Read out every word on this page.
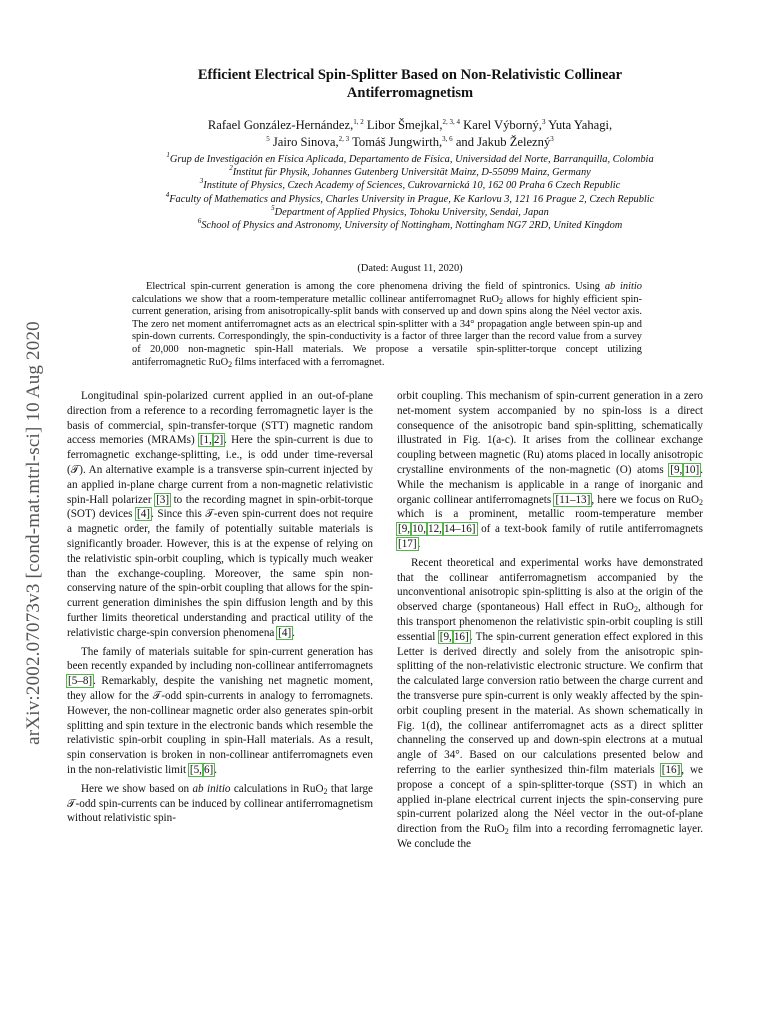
arXiv:2002.07073v3 [cond-mat.mtrl-sci] 10 Aug 2020
Efficient Electrical Spin-Splitter Based on Non-Relativistic Collinear
Antiferromagnetism
Rafael González-Hernández,$^{1, 2}$ Libor Šmejkal,$^{2, 3, 4}$ Karel Výborný,$^3$ Yuta Yahagi,
$^5$ Jairo Sinova,$^{2, 3}$ Tomáš Jungwirth,$^{3, 6}$ and Jakub Železný$^3$
$^1$Grup de Investigación en Física Aplicada, Departamento de Física, Universidad del Norte, Barranquilla, Colombia
$^2$Institut für Physik, Johannes Gutenberg Universität Mainz, D-55099 Mainz, Germany
$^3$Institute of Physics, Czech Academy of Sciences, Cukrovarnická 10, 162 00 Praha 6 Czech Republic
$^4$Faculty of Mathematics and Physics, Charles University in Prague, Ke Karlovu 3, 121 16 Prague 2, Czech Republic
$^5$Department of Applied Physics, Tohoku University, Sendai, Japan
$^6$School of Physics and Astronomy, University of Nottingham, Nottingham NG7 2RD, United Kingdom
(Dated: August 11, 2020)
Electrical spin-current generation is among the core phenomena driving the field of spintronics. Using ab initio calculations we show that a room-temperature metallic collinear antiferromagnet RuO$_2$ allows for highly efficient spin-current generation, arising from anisotropically-split bands with conserved up and down spins along the Néel vector axis. The zero net moment antiferromagnet acts as an electrical spin-splitter with a 34° propagation angle between spin-up and spin-down currents. Correspondingly, the spin-conductivity is a factor of three larger than the record value from a survey of 20,000 non-magnetic spin-Hall materials. We propose a versatile spin-splitter-torque concept utilizing antiferromagnetic RuO$_2$ films interfaced with a ferromagnet.

Longitudinal spin-polarized current applied in an out-of-plane direction from a reference to a recording ferromagnetic layer is the basis of commercial, spin-transfer-torque (STT) magnetic random access memories (MRAMs) [1, 2]. Here the spin-current is due to ferromagnetic exchange-splitting, i.e., is odd under time-reversal (𝒯). An alternative example is a transverse spin-current injected by an applied in-plane charge current from a non-magnetic relativistic spin-Hall polarizer [3] to the recording magnet in spin-orbit-torque (SOT) devices [4]. Since this 𝒯-even spin-current does not require a magnetic order, the family of potentially suitable materials is significantly broader. However, this is at the expense of relying on the relativistic spin-orbit coupling, which is typically much weaker than the exchange-coupling. Moreover, the same spin non-conserving nature of the spin-orbit coupling that allows for the spin-current generation diminishes the spin diffusion length and by this further limits theoretical understanding and practical utility of the relativistic charge-spin conversion phenomena [4].

The family of materials suitable for spin-current generation has been recently expanded by including non-collinear antiferromagnets [5–8]. Remarkably, despite the vanishing net magnetic moment, they allow for the 𝒯-odd spin-currents in analogy to ferromagnets. However, the non-collinear magnetic order also generates spin-orbit splitting and spin texture in the electronic bands which resemble the relativistic spin-orbit coupling in spin-Hall materials. As a result, spin conservation is broken in non-collinear antiferromagnets even in the non-relativistic limit [5, 6].

Here we show based on ab initio calculations in RuO$_2$ that large 𝒯-odd spin-currents can be induced by collinear antiferromagnetism without relativistic spin-

orbit coupling. This mechanism of spin-current generation in a zero net-moment system accompanied by no spin-loss is a direct consequence of the anisotropic band spin-splitting, schematically illustrated in Fig. 1(a-c). It arises from the collinear exchange coupling between magnetic (Ru) atoms placed in locally anisotropic crystalline environments of the non-magnetic (O) atoms [9, 10]. While the mechanism is applicable in a range of inorganic and organic collinear antiferromagnets [11–13], here we focus on RuO$_2$ which is a prominent, metallic room-temperature member [9, 10, 12, 14–16] of a text-book family of rutile antiferromagnets [17].

Recent theoretical and experimental works have demonstrated that the collinear antiferromagnetism accompanied by the unconventional anisotropic spin-splitting is also at the origin of the observed charge (spontaneous) Hall effect in RuO$_2$, although for this transport phenomenon the relativistic spin-orbit coupling is still essential [9, 16]. The spin-current generation effect explored in this Letter is derived directly and solely from the anisotropic spin-splitting of the non-relativistic electronic structure. We confirm that the calculated large conversion ratio between the charge current and the transverse pure spin-current is only weakly affected by the spin-orbit coupling present in the material. As shown schematically in Fig. 1(d), the collinear antiferromagnet acts as a direct splitter channeling the conserved up and down-spin electrons at a mutual angle of 34°. Based on our calculations presented below and referring to the earlier synthesized thin-film materials [16], we propose a concept of a spin-splitter-torque (SST) in which an applied in-plane electrical current injects the spin-conserving pure spin-current polarized along the Néel vector in the out-of-plane direction from the RuO$_2$ film into a recording ferromagnetic layer. We conclude the
